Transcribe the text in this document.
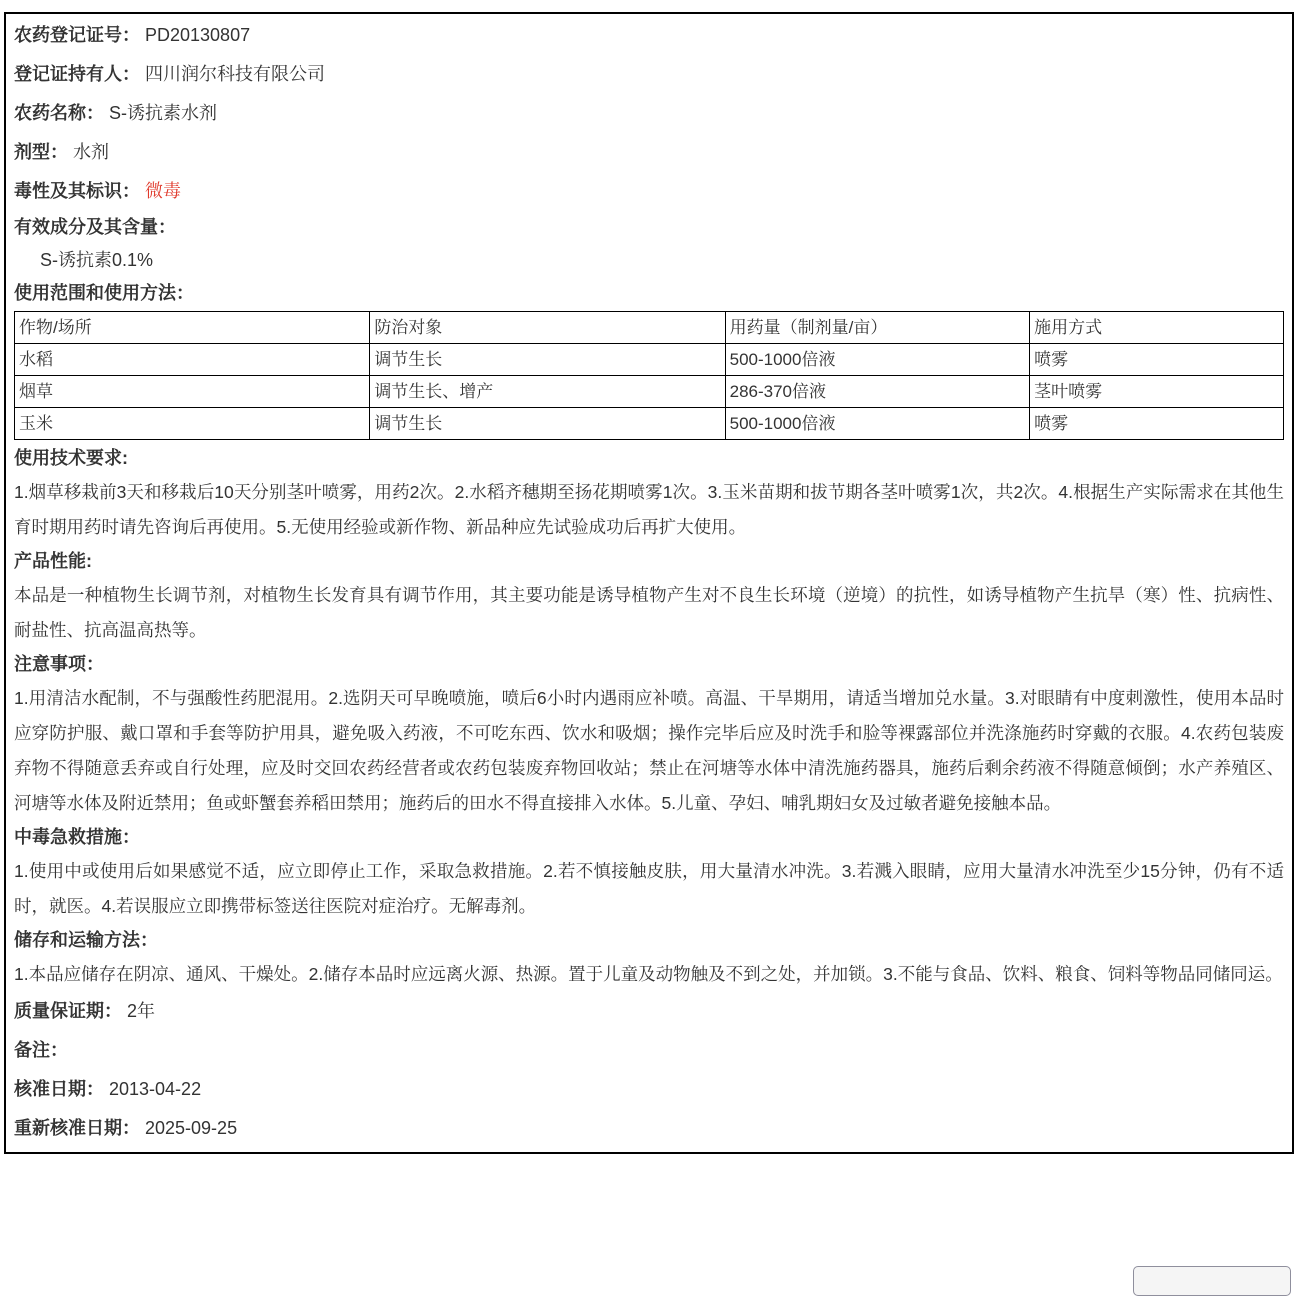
农药登记证号： PD20130807
登记证持有人： 四川润尔科技有限公司
农药名称： S-诱抗素水剂
剂型： 水剂
毒性及其标识： 微毒
有效成分及其含量：
S-诱抗素0.1%
使用范围和使用方法：
作物/场所	防治对象	用药量（制剂量/亩）	施用方式
水稻	调节生长	500-1000倍液	喷雾
烟草	调节生长、增产	286-370倍液	茎叶喷雾
玉米	调节生长	500-1000倍液	喷雾
使用技术要求:
1.烟草移栽前3天和移栽后10天分别茎叶喷雾，用药2次。2.水稻齐穗期至扬花期喷雾1次。3.玉米苗期和拔节期各茎叶喷雾1次，共2次。4.根据生产实际需求在其他生育时期用药时请先咨询后再使用。5.无使用经验或新作物、新品种应先试验成功后再扩大使用。
产品性能:
本品是一种植物生长调节剂，对植物生长发育具有调节作用，其主要功能是诱导植物产生对不良生长环境（逆境）的抗性，如诱导植物产生抗旱（寒）性、抗病性、耐盐性、抗高温高热等。
注意事项：
1.用清洁水配制，不与强酸性药肥混用。2.选阴天可早晚喷施，喷后6小时内遇雨应补喷。高温、干旱期用，请适当增加兑水量。3.对眼睛有中度刺激性，使用本品时应穿防护服、戴口罩和手套等防护用具，避免吸入药液，不可吃东西、饮水和吸烟；操作完毕后应及时洗手和脸等裸露部位并洗涤施药时穿戴的衣服。4.农药包装废弃物不得随意丢弃或自行处理，应及时交回农药经营者或农药包装废弃物回收站；禁止在河塘等水体中清洗施药器具，施药后剩余药液不得随意倾倒；水产养殖区、河塘等水体及附近禁用；鱼或虾蟹套养稻田禁用；施药后的田水不得直接排入水体。5.儿童、孕妇、哺乳期妇女及过敏者避免接触本品。
中毒急救措施：
1.使用中或使用后如果感觉不适，应立即停止工作，采取急救措施。2.若不慎接触皮肤，用大量清水冲洗。3.若溅入眼睛，应用大量清水冲洗至少15分钟，仍有不适时，就医。4.若误服应立即携带标签送往医院对症治疗。无解毒剂。
储存和运输方法：
1.本品应储存在阴凉、通风、干燥处。2.储存本品时应远离火源、热源。置于儿童及动物触及不到之处，并加锁。3.不能与食品、饮料、粮食、饲料等物品同储同运。
质量保证期： 2年
备注：
核准日期： 2013-04-22
重新核准日期： 2025-09-25
